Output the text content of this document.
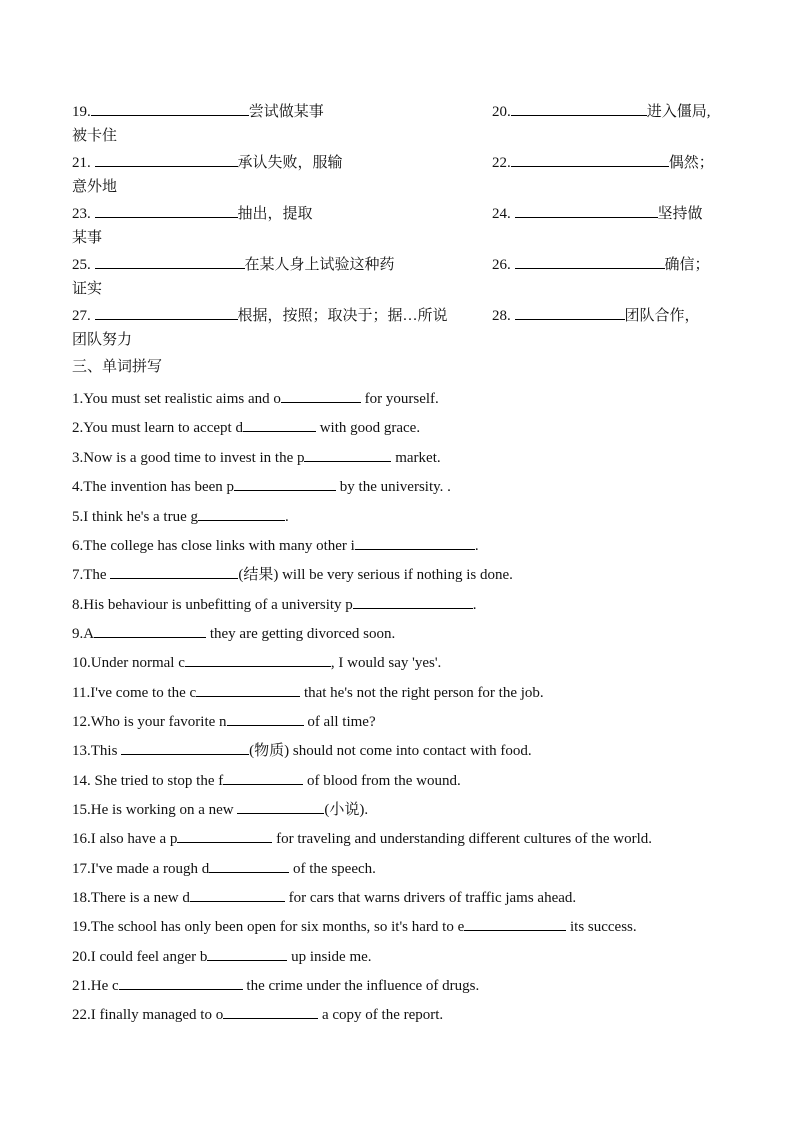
19.	尝试做某事	20.	进入僵局,
被卡住
21.	承认失败，服输	22.	偶然；
意外地
23.	抽出，提取	24.	坚持做
某事
25.	在某人身上试验这种药	26.	确信；
证实
27.	根据，按照；取决于；据…所说	28.	团队合作，
团队努力
三、单词拼写
1.You must set realistic aims and o	for yourself.
2.You must learn to accept d	with good grace.
3.Now is a good time to invest in the p	market.
4.The invention has been p	by the university. .
5.I think he's a true g	.
6.The college has close links with many other i	.
7.The	(结果) will be very serious if nothing is done.
8.His behaviour is unbefitting of a university p	.
9.A	they are getting divorced soon.
10.Under normal c	, I would say 'yes'.
11.I've come to the c	that he's not the right person for the job.
12.Who is your favorite n	of all time?
13.This	(物质) should not come into contact with food.
14. She tried to stop the f	of blood from the wound.
15.He is working on a new	(小说).
16.I also have a p	for traveling and understanding different cultures of the world.
17.I've made a rough d	of the speech.
18.There is a new d	for cars that warns drivers of traffic jams ahead.
19.The school has only been open for six months, so it's hard to e	its success.
20.I could feel anger b	up inside me.
21.He c	the crime under the influence of drugs.
22.I finally managed to o	a copy of the report.
